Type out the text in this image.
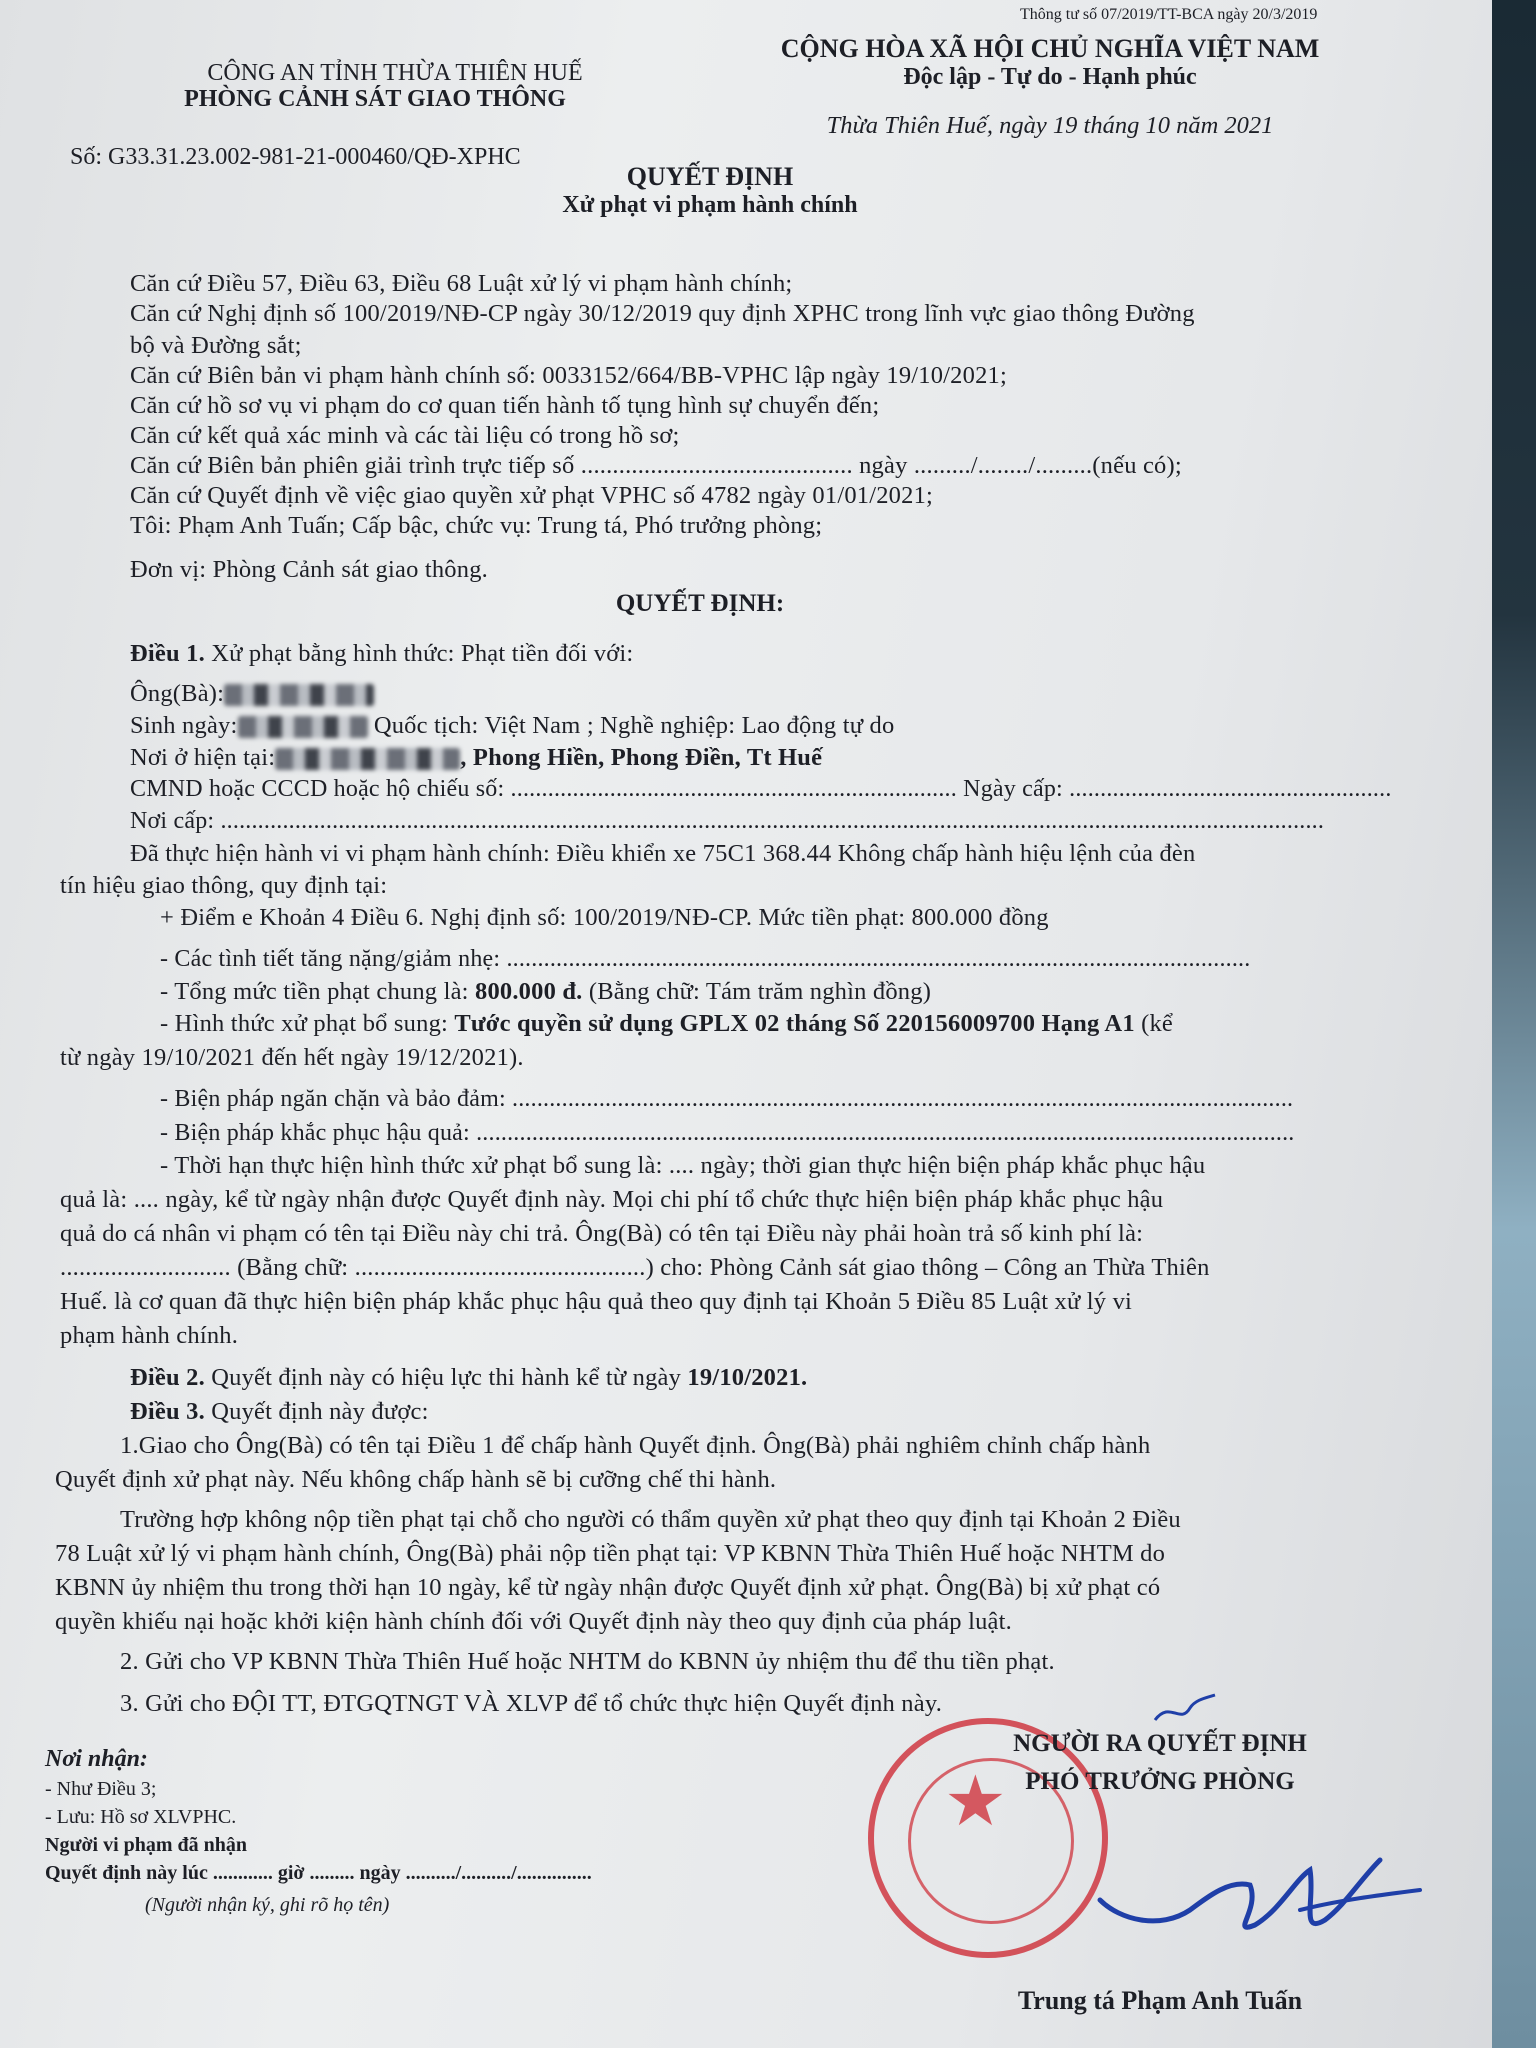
Thông tư số 07/2019/TT-BCA ngày 20/3/2019
CÔNG AN TỈNH THỪA THIÊN HUẾ
PHÒNG CẢNH SÁT GIAO THÔNG
Số: G33.31.23.002-981-21-000460/QĐ-XPHC
CỘNG HÒA XÃ HỘI CHỦ NGHĨA VIỆT NAM
Độc lập - Tự do - Hạnh phúc
Thừa Thiên Huế, ngày 19 tháng 10 năm 2021
QUYẾT ĐỊNH
Xử phạt vi phạm hành chính
Căn cứ Điều 57, Điều 63, Điều 68 Luật xử lý vi phạm hành chính;
Căn cứ Nghị định số 100/2019/NĐ-CP ngày 30/12/2019 quy định XPHC trong lĩnh vực giao thông Đường
bộ và Đường sắt;
Căn cứ Biên bản vi phạm hành chính số: 0033152/664/BB-VPHC lập ngày 19/10/2021;
Căn cứ hồ sơ vụ vi phạm do cơ quan tiến hành tố tụng hình sự chuyển đến;
Căn cứ kết quả xác minh và các tài liệu có trong hồ sơ;
Căn cứ Biên bản phiên giải trình trực tiếp số ........................................... ngày ........./......../.........(nếu có);
Căn cứ Quyết định về việc giao quyền xử phạt VPHC số 4782 ngày 01/01/2021;
Tôi: Phạm Anh Tuấn; Cấp bậc, chức vụ: Trung tá, Phó trưởng phòng;
Đơn vị: Phòng Cảnh sát giao thông.
QUYẾT ĐỊNH:
Điều 1. Xử phạt bằng hình thức: Phạt tiền đối với:
Ông(Bà):
Sinh ngày:	Quốc tịch: Việt Nam ; Nghề nghiệp: Lao động tự do
Nơi ở hiện tại:	, Phong Hiền, Phong Điền, Tt Huế
CMND hoặc CCCD hoặc hộ chiếu số: ........................................................................ Ngày cấp: ....................................................
Nơi cấp: ..................................................................................................................................................................................
Đã thực hiện hành vi vi phạm hành chính: Điều khiển xe 75C1 368.44 Không chấp hành hiệu lệnh của đèn
tín hiệu giao thông, quy định tại:
+ Điểm e Khoản 4 Điều 6. Nghị định số: 100/2019/NĐ-CP. Mức tiền phạt: 800.000 đồng
- Các tình tiết tăng nặng/giảm nhẹ: ........................................................................................................................
- Tổng mức tiền phạt chung là: 800.000 đ. (Bằng chữ: Tám trăm nghìn đồng)
- Hình thức xử phạt bổ sung: Tước quyền sử dụng GPLX 02 tháng Số 220156009700 Hạng A1 (kể
từ ngày 19/10/2021 đến hết ngày 19/12/2021).
- Biện pháp ngăn chặn và bảo đảm: ..............................................................................................................................
- Biện pháp khắc phục hậu quả: ....................................................................................................................................
- Thời hạn thực hiện hình thức xử phạt bổ sung là: .... ngày; thời gian thực hiện biện pháp khắc phục hậu
quả là: .... ngày, kể từ ngày nhận được Quyết định này. Mọi chi phí tổ chức thực hiện biện pháp khắc phục hậu
quả do cá nhân vi phạm có tên tại Điều này chi trả. Ông(Bà) có tên tại Điều này phải hoàn trả số kinh phí là:
........................... (Bằng chữ: ..............................................) cho: Phòng Cảnh sát giao thông – Công an Thừa Thiên
Huế. là cơ quan đã thực hiện biện pháp khắc phục hậu quả theo quy định tại Khoản 5 Điều 85 Luật xử lý vi
phạm hành chính.
Điều 2. Quyết định này có hiệu lực thi hành kể từ ngày 19/10/2021.
Điều 3. Quyết định này được:
1.Giao cho Ông(Bà) có tên tại Điều 1 để chấp hành Quyết định. Ông(Bà) phải nghiêm chỉnh chấp hành
Quyết định xử phạt này. Nếu không chấp hành sẽ bị cưỡng chế thi hành.
Trường hợp không nộp tiền phạt tại chỗ cho người có thẩm quyền xử phạt theo quy định tại Khoản 2 Điều
78 Luật xử lý vi phạm hành chính, Ông(Bà) phải nộp tiền phạt tại: VP KBNN Thừa Thiên Huế hoặc NHTM do
KBNN ủy nhiệm thu trong thời hạn 10 ngày, kể từ ngày nhận được Quyết định xử phạt. Ông(Bà) bị xử phạt có
quyền khiếu nại hoặc khởi kiện hành chính đối với Quyết định này theo quy định của pháp luật.
2. Gửi cho VP KBNN Thừa Thiên Huế hoặc NHTM do KBNN ủy nhiệm thu để thu tiền phạt.
3. Gửi cho ĐỘI TT, ĐTGQTNGT VÀ XLVP để tổ chức thực hiện Quyết định này.
Nơi nhận:
- Như Điều 3;
- Lưu: Hồ sơ XLVPHC.
Người vi phạm đã nhận
Quyết định này lúc ............ giờ ......... ngày ........../........../...............
(Người nhận ký, ghi rõ họ tên)
★
NGƯỜI RA QUYẾT ĐỊNH
PHÓ TRƯỞNG PHÒNG
Trung tá Phạm Anh Tuấn
